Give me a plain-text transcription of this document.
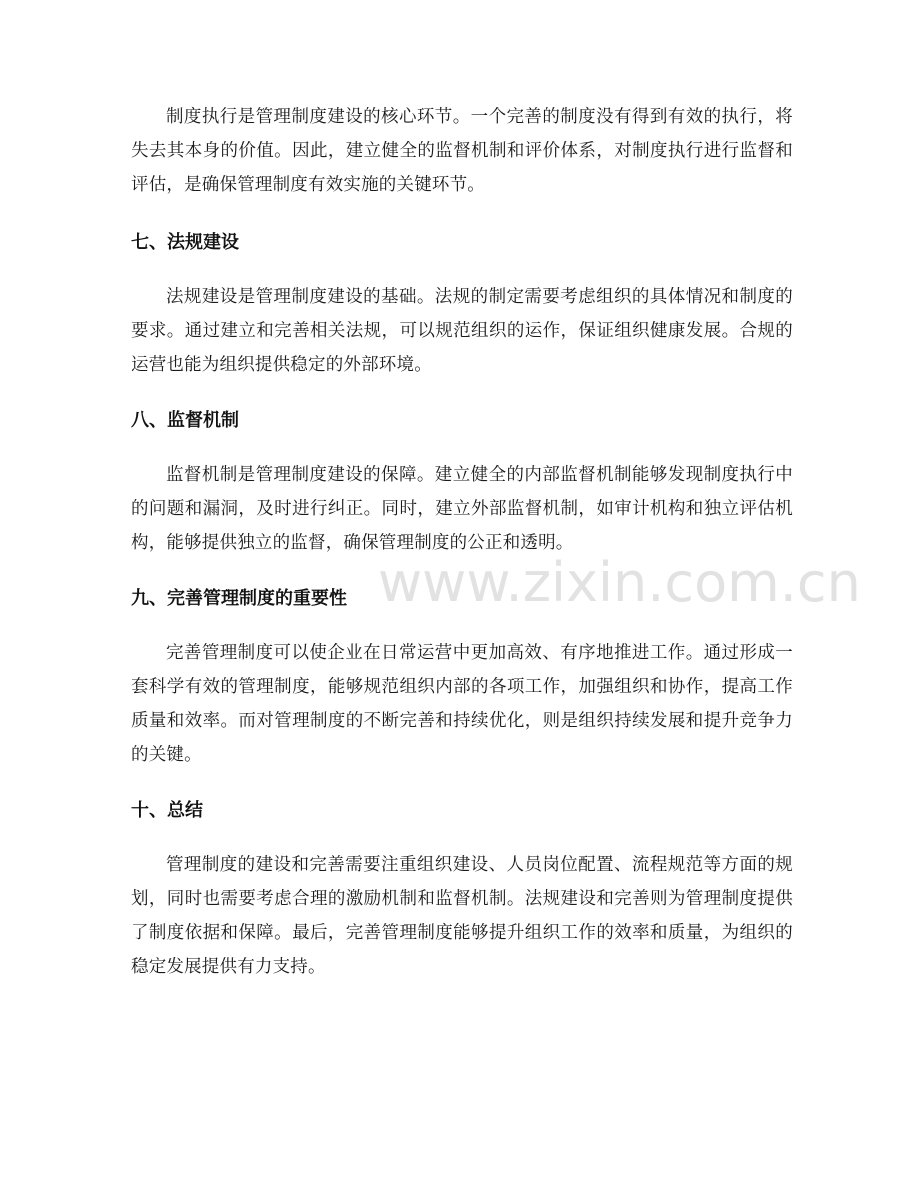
制度执行是管理制度建设的核心环节。一个完善的制度没有得到有效的执行，将失去其本身的价值。因此，建立健全的监督机制和评价体系，对制度执行进行监督和评估，是确保管理制度有效实施的关键环节。

七、法规建设

法规建设是管理制度建设的基础。法规的制定需要考虑组织的具体情况和制度的要求。通过建立和完善相关法规，可以规范组织的运作，保证组织健康发展。合规的运营也能为组织提供稳定的外部环境。

八、监督机制

监督机制是管理制度建设的保障。建立健全的内部监督机制能够发现制度执行中的问题和漏洞，及时进行纠正。同时，建立外部监督机制，如审计机构和独立评估机构，能够提供独立的监督，确保管理制度的公正和透明。

九、完善管理制度的重要性

完善管理制度可以使企业在日常运营中更加高效、有序地推进工作。通过形成一套科学有效的管理制度，能够规范组织内部的各项工作，加强组织和协作，提高工作质量和效率。而对管理制度的不断完善和持续优化，则是组织持续发展和提升竞争力的关键。

十、总结

管理制度的建设和完善需要注重组织建设、人员岗位配置、流程规范等方面的规划，同时也需要考虑合理的激励机制和监督机制。法规建设和完善则为管理制度提供了制度依据和保障。最后，完善管理制度能够提升组织工作的效率和质量，为组织的稳定发展提供有力支持。

www.zixin.com.cn
